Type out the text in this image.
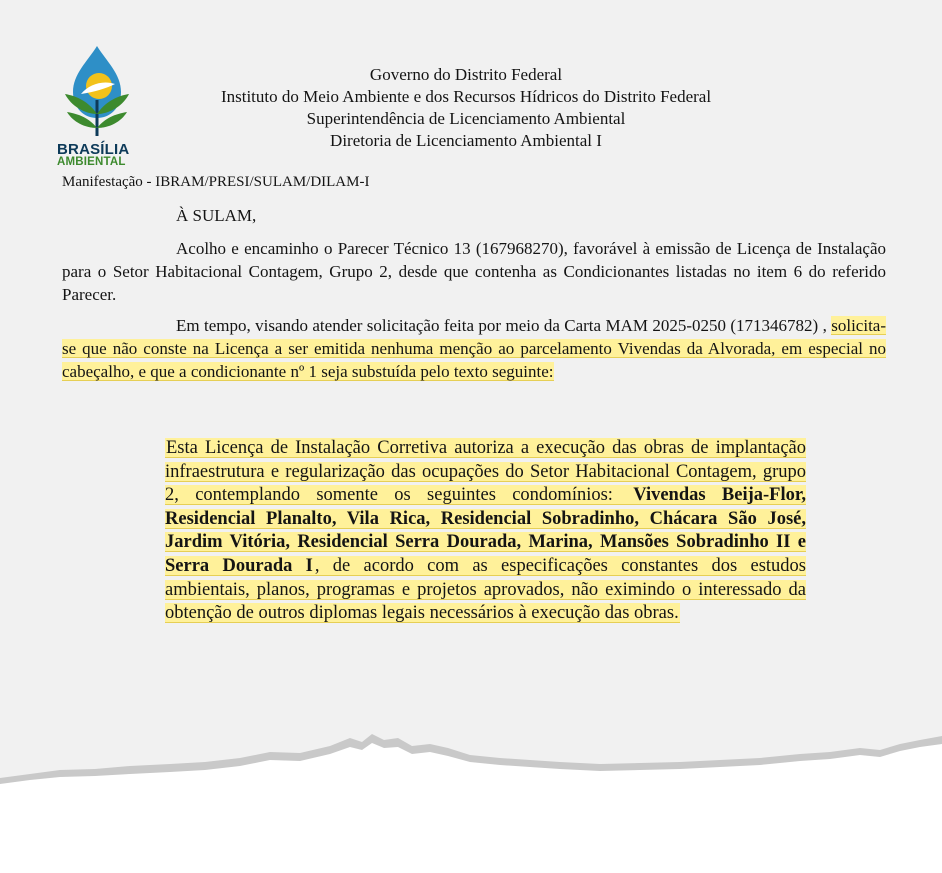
BRASÍLIA
AMBIENTAL
Governo do Distrito Federal
Instituto do Meio Ambiente e dos Recursos Hídricos do Distrito Federal
Superintendência de Licenciamento Ambiental
Diretoria de Licenciamento Ambiental I
Manifestação - IBRAM/PRESI/SULAM/DILAM-I
À SULAM,
Acolho e encaminho o Parecer Técnico 13 (167968270), favorável à emissão de Licença de Instalação para o Setor Habitacional Contagem, Grupo 2, desde que contenha as Condicionantes listadas no item 6 do referido Parecer.
Em tempo, visando atender solicitação feita por meio da Carta MAM 2025-0250 (171346782) , solicita-se que não conste na Licença a ser emitida nenhuma menção ao parcelamento Vivendas da Alvorada, em especial no cabeçalho, e que a condicionante nº 1 seja substuída pelo texto seguinte:
Esta Licença de Instalação Corretiva autoriza a execução das obras de implantação infraestrutura e regularização das ocupações do Setor Habitacional Contagem, grupo 2, contemplando somente os seguintes condomínios: Vivendas Beija-Flor, Residencial Planalto, Vila Rica, Residencial Sobradinho, Chácara São José, Jardim Vitória, Residencial Serra Dourada, Marina, Mansões Sobradinho II e Serra Dourada I , de acordo com as especificações constantes dos estudos ambientais, planos, programas e projetos aprovados, não eximindo o interessado da obtenção de outros diplomas legais necessários à execução das obras.
